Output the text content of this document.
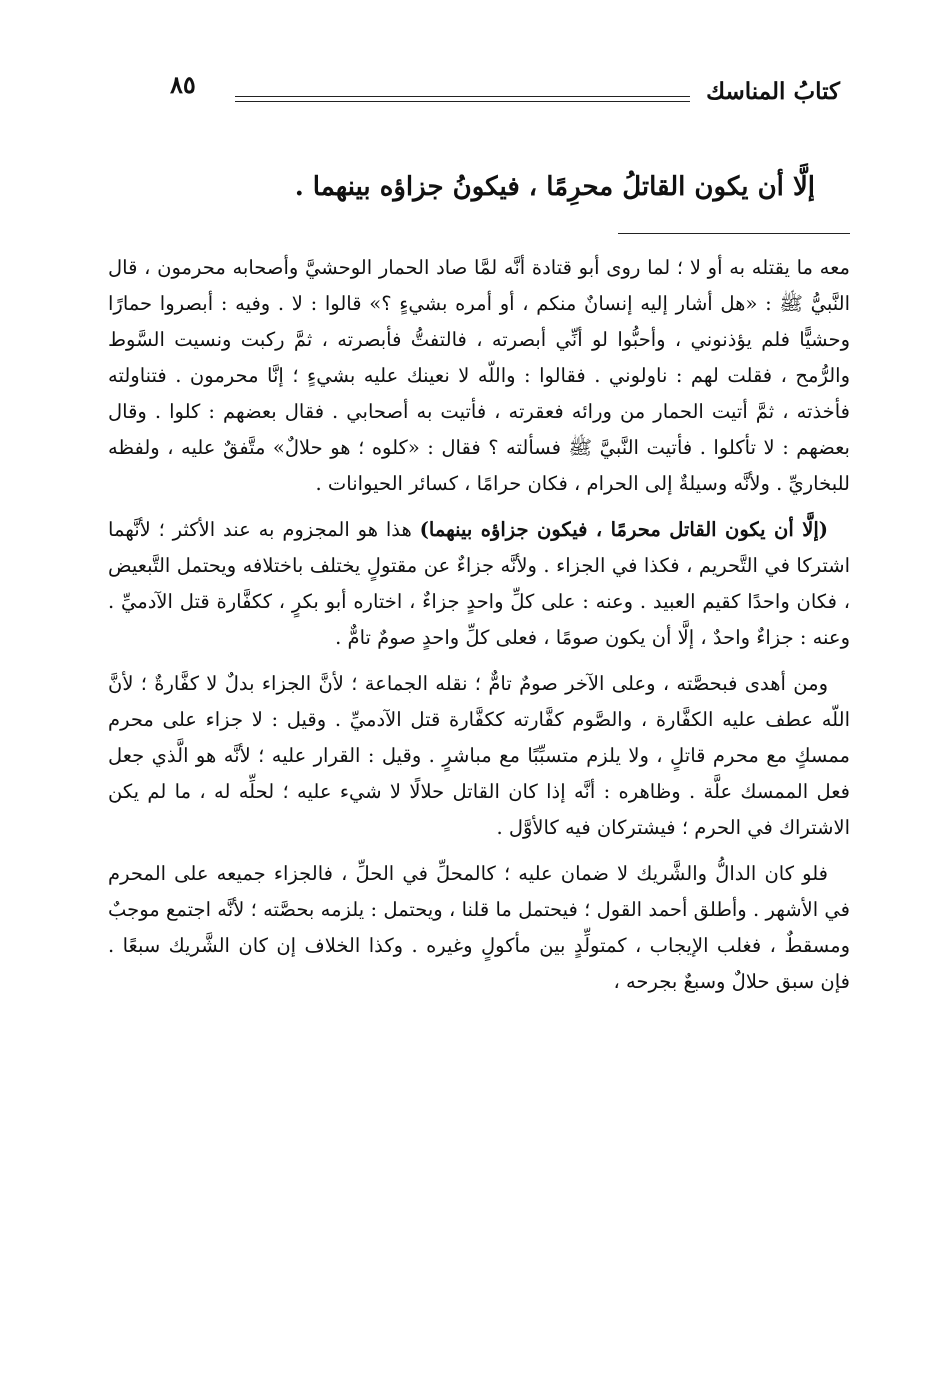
كتابُ المناسك
٨٥
إلَّا أن يكون القاتلُ محرِمًا ، فيكونُ جزاؤه بينهما .

معه ما يقتله به أو لا ؛ لما روى أبو قتادة أنَّه لمَّا صاد الحمار الوحشيَّ وأصحابه محرمون ، قال النَّبيُّ ﷺ : «هل أشار إليه إنسانٌ منكم ، أو أمره بشيءٍ ؟» قالوا : لا . وفيه : أبصروا حمارًا وحشيًّا فلم يؤذنوني ، وأحبُّوا لو أنِّي أبصرته ، فالتفتُّ فأبصرته ، ثمَّ ركبت ونسيت السَّوط والرُّمح ، فقلت لهم : ناولوني . فقالوا : واللّه لا نعينك عليه بشيءٍ ؛ إنَّا محرمون . فتناولته فأخذته ، ثمَّ أتيت الحمار من ورائه فعقرته ، فأتيت به أصحابي . فقال بعضهم : كلوا . وقال بعضهم : لا تأكلوا . فأتيت النَّبيَّ ﷺ فسألته ؟ فقال : «كلوه ؛ هو حلالٌ» متَّفقٌ عليه ، ولفظه للبخاريِّ . ولأنَّه وسيلةٌ إلى الحرام ، فكان حرامًا ، كسائر الحيوانات .

(إلَّا أن يكون القاتل محرمًا ، فيكون جزاؤه بينهما) هذا هو المجزوم به عند الأكثر ؛ لأنَّهما اشتركا في التَّحريم ، فكذا في الجزاء . ولأنَّه جزاءٌ عن مقتولٍ يختلف باختلافه ويحتمل التَّبعيض ، فكان واحدًا كقيم العبيد . وعنه : على كلِّ واحدٍ جزاءٌ ، اختاره أبو بكرٍ ، ككفَّارة قتل الآدميِّ . وعنه : جزاءٌ واحدٌ ، إلَّا أن يكون صومًا ، فعلى كلِّ واحدٍ صومٌ تامٌّ .

ومن أهدى فبحصَّته ، وعلى الآخر صومٌ تامٌّ ؛ نقله الجماعة ؛ لأنَّ الجزاء بدلٌ لا كفَّارةٌ ؛ لأنَّ اللّه عطف عليه الكفَّارة ، والصَّوم كفَّارته ككفَّارة قتل الآدميِّ . وقيل : لا جزاء على محرم ممسكٍ مع محرم قاتلٍ ، ولا يلزم متسبِّبًا مع مباشرٍ . وقيل : القرار عليه ؛ لأنَّه هو الَّذي جعل فعل الممسك علَّة . وظاهره : أنَّه إذا كان القاتل حلالًا لا شيء عليه ؛ لحلِّه له ، ما لم يكن الاشتراك في الحرم ؛ فيشتركان فيه كالأوَّل .

فلو كان الدالُّ والشَّريك لا ضمان عليه ؛ كالمحلِّ في الحلِّ ، فالجزاء جميعه على المحرم في الأشهر . وأطلق أحمد القول ؛ فيحتمل ما قلنا ، ويحتمل : يلزمه بحصَّته ؛ لأنَّه اجتمع موجبٌ ومسقطٌ ، فغلب الإيجاب ، كمتولِّدٍ بين مأكولٍ وغيره . وكذا الخلاف إن كان الشَّريك سبعًا . فإن سبق حلالٌ وسبعٌ بجرحه ،
